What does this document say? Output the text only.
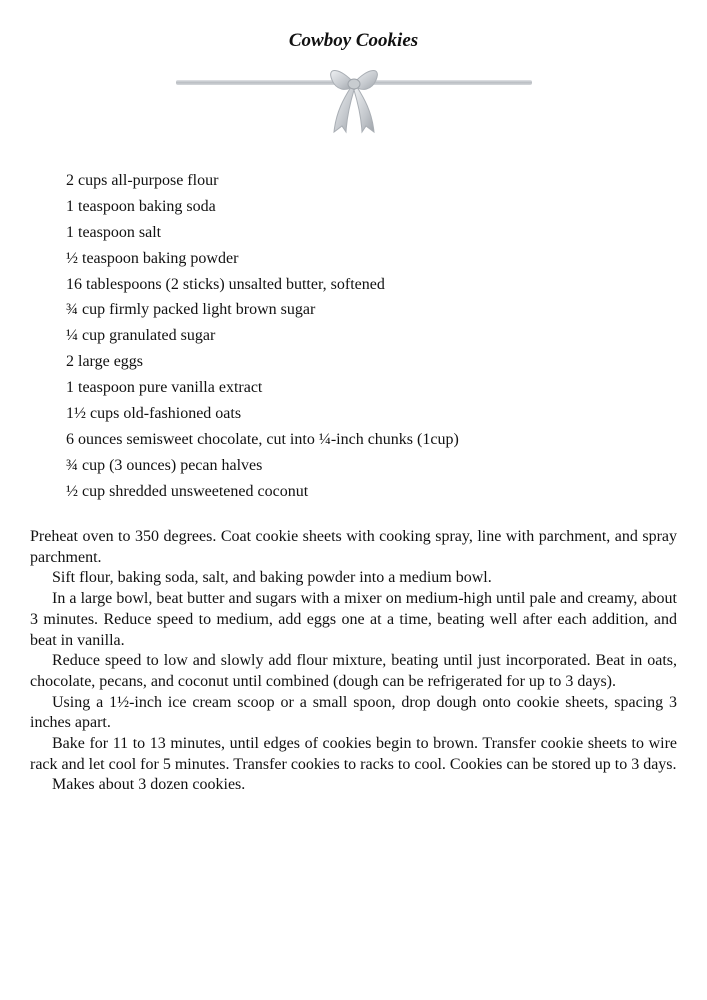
Cowboy Cookies
2 cups all-purpose flour
1 teaspoon baking soda
1 teaspoon salt
½ teaspoon baking powder
16 tablespoons (2 sticks) unsalted butter, softened
¾ cup firmly packed light brown sugar
¼ cup granulated sugar
2 large eggs
1 teaspoon pure vanilla extract
1½ cups old-fashioned oats
6 ounces semisweet chocolate, cut into ¼-inch chunks (1cup)
¾ cup (3 ounces) pecan halves
½ cup shredded unsweetened coconut

Preheat oven to 350 degrees. Coat cookie sheets with cooking spray, line with parchment, and spray parchment.

Sift flour, baking soda, salt, and baking powder into a medium bowl.

In a large bowl, beat butter and sugars with a mixer on medium-high until pale and creamy, about 3 minutes. Reduce speed to medium, add eggs one at a time, beating well after each addition, and beat in vanilla.

Reduce speed to low and slowly add flour mixture, beating until just incorporated. Beat in oats, chocolate, pecans, and coconut until combined (dough can be refrigerated for up to 3 days).

Using a 1½-inch ice cream scoop or a small spoon, drop dough onto cookie sheets, spacing 3 inches apart.

Bake for 11 to 13 minutes, until edges of cookies begin to brown. Transfer cookie sheets to wire rack and let cool for 5 minutes. Transfer cookies to racks to cool. Cookies can be stored up to 3 days.

Makes about 3 dozen cookies.
